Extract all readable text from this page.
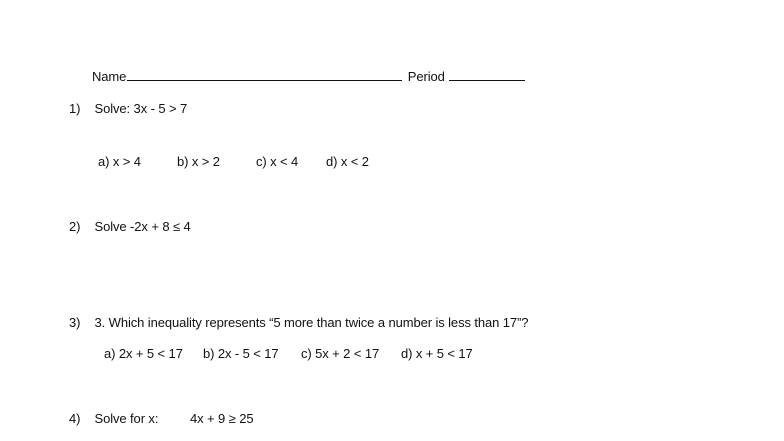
Name	Period
1) Solve: 3x - 5 > 7
a) x > 4	b) x > 2	c) x < 4 d) x < 2
2) Solve -2x + 8 ≤ 4
3) 3. Which inequality represents “5 more than twice a number is less than 17”?
a) 2x + 5 < 17 b) 2x - 5 < 17 c) 5x + 2 < 17 d) x + 5 < 17
4) Solve for x: 4x + 9 ≥ 25
